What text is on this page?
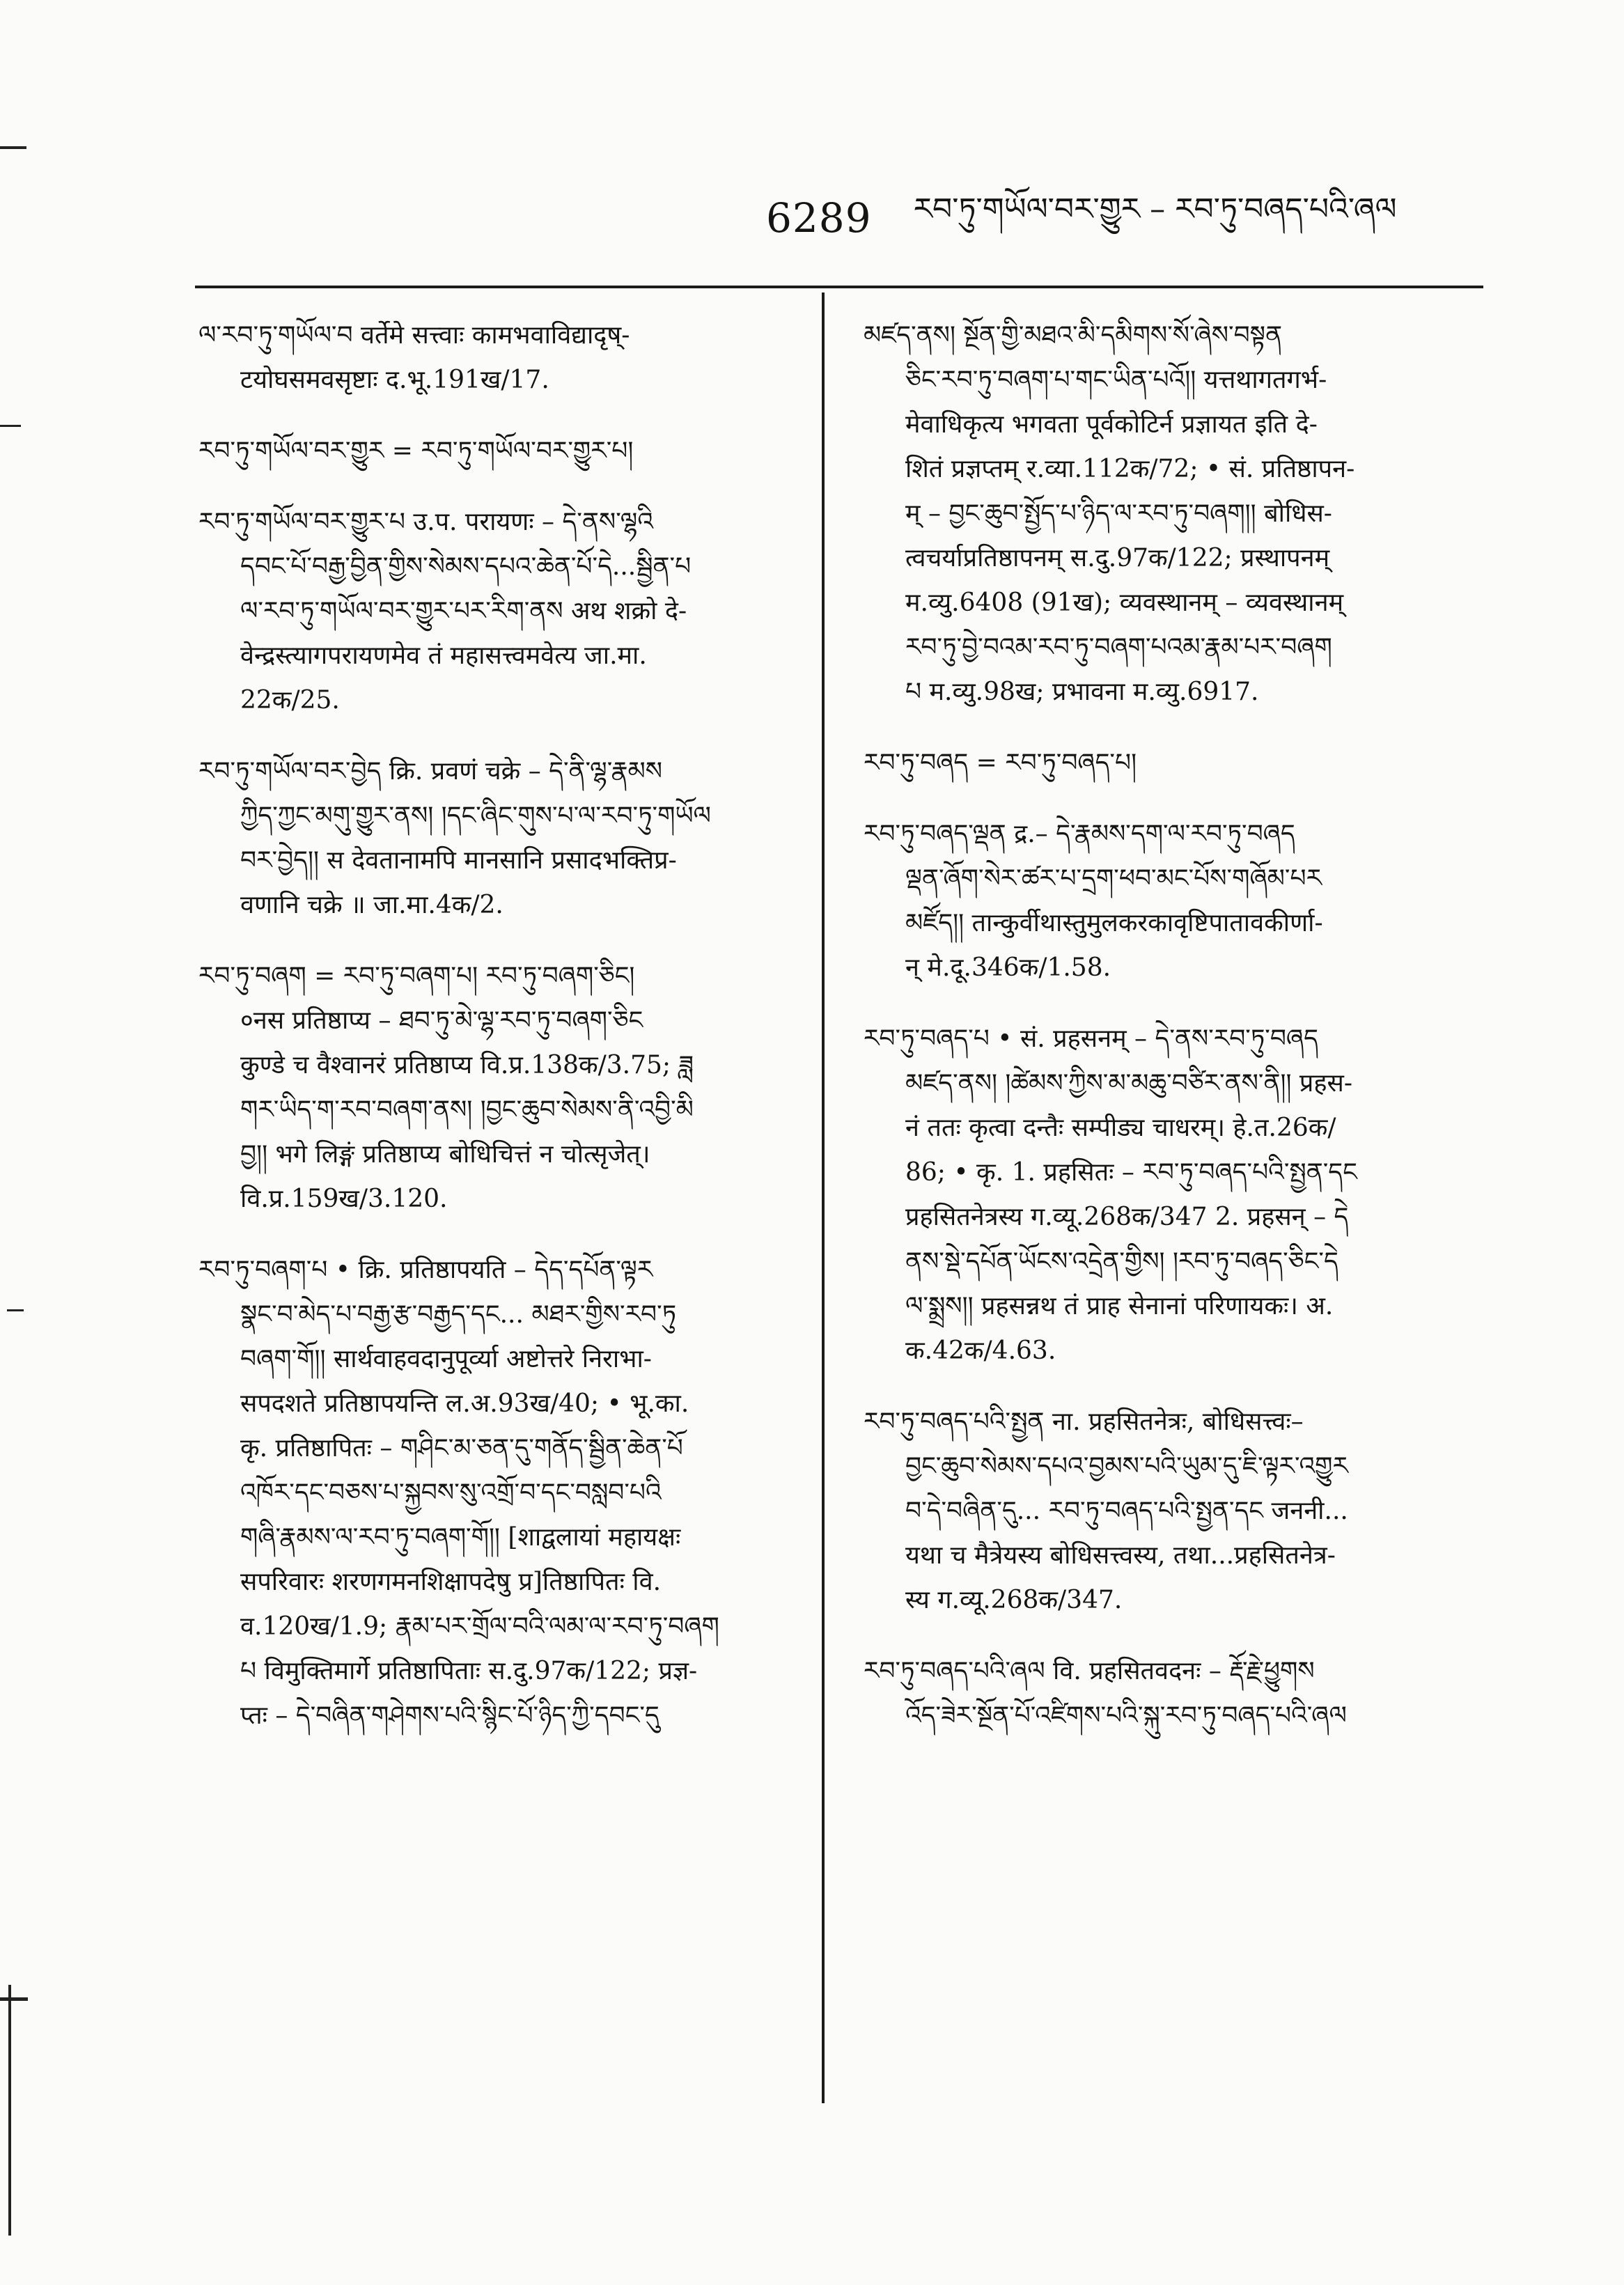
6289 རབ་ཏུ་གཡོལ་བར་གྱུར – རབ་ཏུ་བཞད་པའི་ཞལ

ལ་རབ་ཏུ་གཡོལ་བ वर्तेमे सत्त्वाः कामभवाविद्यादृष्-

टयोघसमवसृष्टाः द.भू.191ख/17.

རབ་ཏུ་གཡོལ་བར་གྱུར = རབ་ཏུ་གཡོལ་བར་གྱུར་པ།

རབ་ཏུ་གཡོལ་བར་གྱུར་པ उ.प. परायणः – དེ་ནས་ལྷའི

དབང་པོ་བརྒྱ་བྱིན་གྱིས་སེམས་དཔའ་ཆེན་པོ་དེ...སྦྱིན་པ

ལ་རབ་ཏུ་གཡོལ་བར་གྱུར་པར་རིག་ནས अथ शक्रो दे-

वेन्द्रस्त्यागपरायणमेव तं महासत्त्वमवेत्य जा.मा.

22क/25.

རབ་ཏུ་གཡོལ་བར་བྱེད क्रि. प्रवणं चक्रे – དེ་ནི་ལྷ་རྣམས

ཀྱིད་ཀྱང་མགུ་གྱུར་ནས། །དང་ཞིང་གུས་པ་ལ་རབ་ཏུ་གཡོལ

བར་བྱེད།། स देवतानामपि मानसानि प्रसादभक्तिप्र-

वणानि चक्रे ॥ जा.मा.4क/2.

རབ་ཏུ་བཞག = རབ་ཏུ་བཞག་པ། རབ་ཏུ་བཞག་ཅིང།

०नस प्रतिष्ठाप्य – ཐབ་ཏུ་མེ་ལྷ་རབ་ཏུ་བཞག་ཅིང

कुण्डे च वैश्वानरं प्रतिष्ठाप्य वि.प्र.138क/3.75; ཟླ

གར་ཡིད་ག་རབ་བཞག་ནས། །བྱང་ཆུབ་སེམས་ནི་འབྱི་མི

བྱ།། भगे लिङ्गं प्रतिष्ठाप्य बोधिचित्तं न चोत्सृजेत्।

वि.प्र.159ख/3.120.

རབ་ཏུ་བཞག་པ • क्रि. प्रतिष्ठापयति – དེད་དཔོན་ལྟར

སྣང་བ་མེད་པ་བརྒྱ་རྩ་བརྒྱད་དང... མཐར་གྱིས་རབ་ཏུ

བཞག་གོ།། सार्थवाहवदानुपूर्व्या अष्टोत्तरे निराभा-

सपदशते प्रतिष्ठापयन्ति ल.अ.93ख/40; • भू.का.

कृ. प्रतिष्ठापितः – གཤིང་མ་ཅན་དུ་གནོད་སྦྱིན་ཆེན་པོ

འཁོར་དང་བཅས་པ་སྐྱབས་སུ་འགྲོ་བ་དང་བསླབ་པའི

གཞི་རྣམས་ལ་རབ་ཏུ་བཞག་གོ།། [शाद्वलायां महायक्षः

सपरिवारः शरणगमनशिक्षापदेषु प्र]तिष्ठापितः वि.

व.120ख/1.9; རྣམ་པར་གྲོལ་བའི་ལམ་ལ་རབ་ཏུ་བཞག

པ विमुक्तिमार्गे प्रतिष्ठापिताः स.दु.97क/122; प्रज्ञ-

प्तः – དེ་བཞིན་གཤེགས་པའི་སྙིང་པོ་ཉིད་ཀྱི་དབང་དུ

མཛད་ནས། སྔོན་གྱི་མཐའ་མི་དམིགས་སོ་ཞེས་བསྟན

ཅིང་རབ་ཏུ་བཞག་པ་གང་ཡིན་པའོ།། यत्तथागतगर्भ-

मेवाधिकृत्य भगवता पूर्वकोटिर्न प्रज्ञायत इति दे-

शितं प्रज्ञप्तम् र.व्या.112क/72; • सं. प्रतिष्ठापन-

म् – བྱང་ཆུབ་སྤྱོད་པ་ཉིད་ལ་རབ་ཏུ་བཞག།། बोधिस-

त्वचर्याप्रतिष्ठापनम् स.दु.97क/122; प्रस्थापनम्

म.व्यु.6408 (91ख); व्यवस्थानम् – व्यवस्थानम्

རབ་ཏུ་བྱེ་བའམ་རབ་ཏུ་བཞག་པའམ་རྣམ་པར་བཞག

པ म.व्यु.98ख; प्रभावना म.व्यु.6917.

རབ་ཏུ་བཞད = རབ་ཏུ་བཞད་པ།

རབ་ཏུ་བཞད་ལྡན द्र.– དེ་རྣམས་དག་ལ་རབ་ཏུ་བཞད

ལྡན་ཞོག་སེར་ཚར་པ་དྲག་ཕབ་མང་པོས་གཞོམ་པར

མཛོད།། तान्कुर्वीथास्तुमुलकरकावृष्टिपातावकीर्णा-

न् मे.दू.346क/1.58.

རབ་ཏུ་བཞད་པ • सं. प्रहसनम् – དེ་ནས་རབ་ཏུ་བཞད

མཛད་ནས། །ཚེམས་ཀྱིས་མ་མཆུ་བཙིར་ནས་ནི།། प्रहस-

नं ततः कृत्वा दन्तैः सम्पीड्य चाधरम्। हे.त.26क/

86; • कृ. 1. प्रहसितः – རབ་ཏུ་བཞད་པའི་སྤྱན་དང

प्रहसितनेत्रस्य ग.व्यू.268क/347 2. प्रहसन् – དེ

ནས་སྡེ་དཔོན་ཡོངས་འདྲེན་གྱིས། །རབ་ཏུ་བཞད་ཅིང་དེ

ལ་སྨྲས།། प्रहसन्नथ तं प्राह सेनानां परिणायकः। अ.

क.42क/4.63.

རབ་ཏུ་བཞད་པའི་སྤྱན ना. प्रहसितनेत्रः, बोधिसत्त्वः–

བྱང་ཆུབ་སེམས་དཔའ་བྱམས་པའི་ཡུམ་དུ་ཇི་ལྟར་འགྱུར

བ་དེ་བཞིན་དུ... རབ་ཏུ་བཞད་པའི་སྤྱན་དང जननी...

यथा च मैत्रेयस्य बोधिसत्त्वस्य, तथा...प्रहसितनेत्र-

स्य ग.व्यू.268क/347.

རབ་ཏུ་བཞད་པའི་ཞལ वि. प्रहसितवदनः – རྡོ་རྗེ་ཕྱུགས

འོད་ཟེར་སྔོན་པོ་འཛིགས་པའི་སྐུ་རབ་ཏུ་བཞད་པའི་ཞལ
